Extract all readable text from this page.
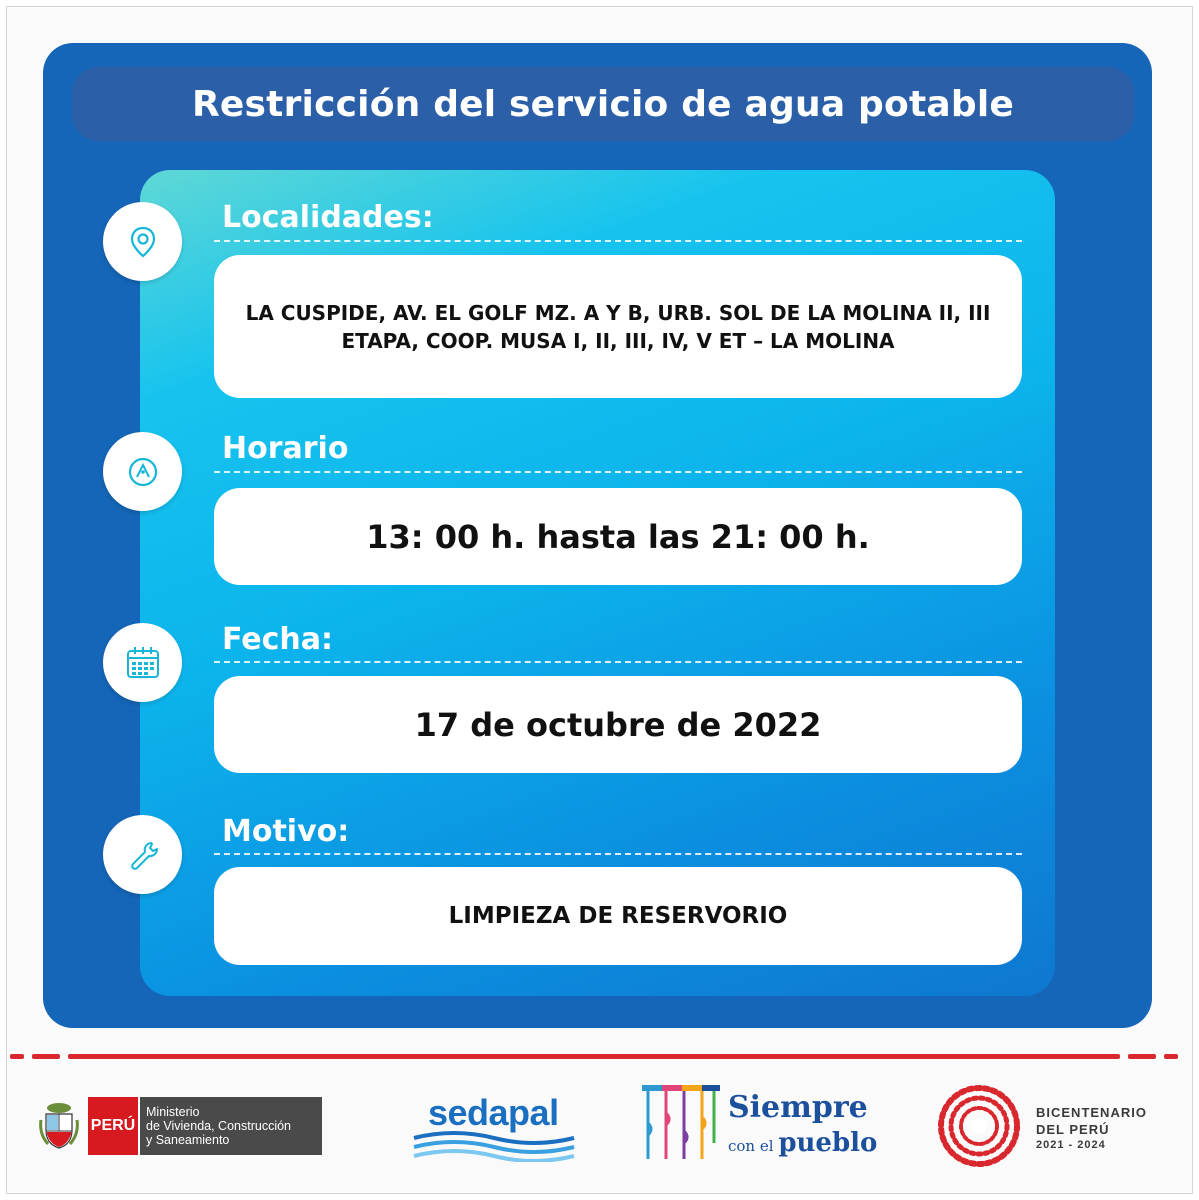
Restricción del servicio de agua potable
Localidades:
LA CUSPIDE, AV. EL GOLF MZ. A Y B, URB. SOL DE LA MOLINA II, III
ETAPA, COOP. MUSA I, II, III, IV, V ET – LA MOLINA
Horario
13: 00 h. hasta las 21: 00 h.
Fecha:
17 de octubre de 2022
Motivo:
LIMPIEZA DE RESERVORIO
PERÚ
Ministerio
de Vivienda, Construcción
y Saneamiento
sedapal	Siempre
con el pueblo
BICENTENARIO
DEL PERÚ
2021 - 2024
